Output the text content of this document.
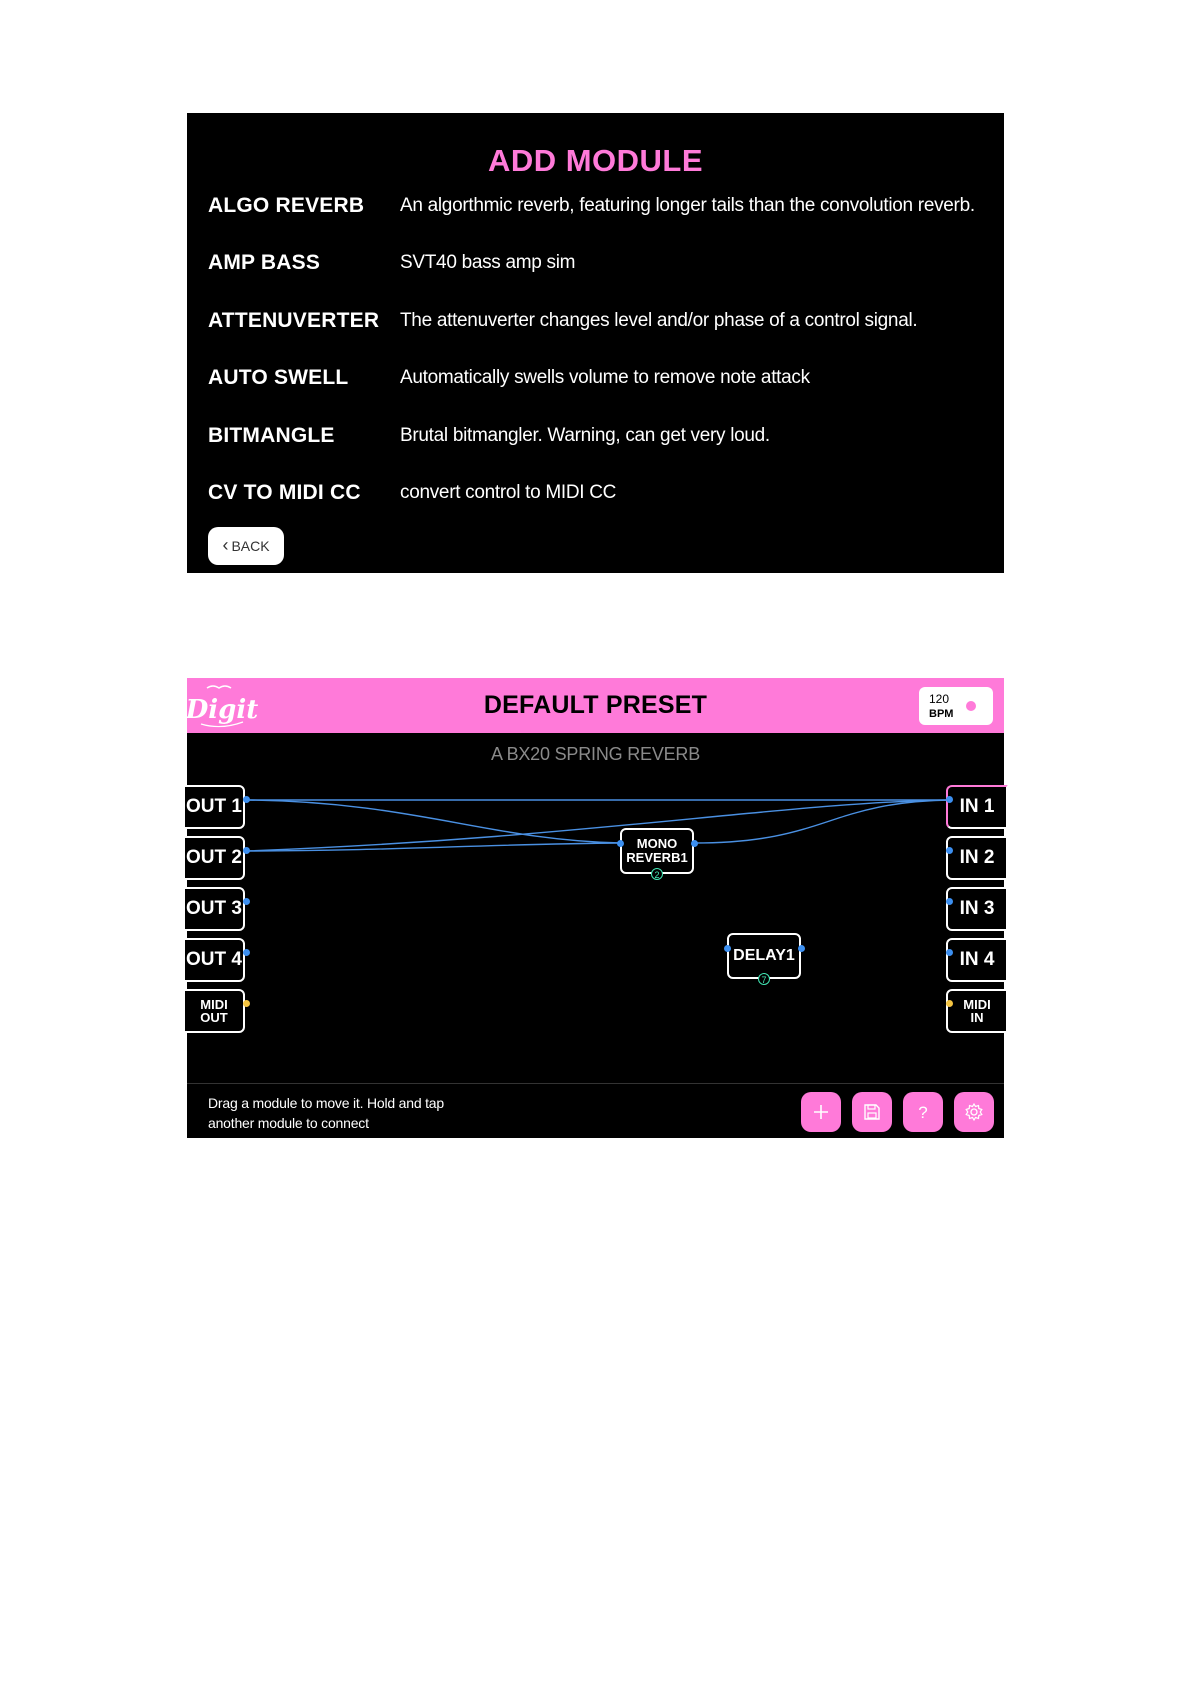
ADD MODULE
ALGO REVERB An algorthmic reverb, featuring longer tails than the convolution reverb.
AMP BASS	SVT40 bass amp sim
ATTENUVERTER The attenuverter changes level and/or phase of a control signal.
AUTO SWELL	Automatically swells volume to remove note attack
BITMANGLE	Brutal bitmangler. Warning, can get very loud.
CV TO MIDI CC convert control to MIDI CC
‹ BACK
Digit	DEFAULT PRESET	120
BPM
A BX20 SPRING REVERB
OUT 1
OUT 2
OUT 3
OUT 4
MIDI
OUT
IN 1
IN 2
IN 3
IN 4
MIDI
IN
MONO
REVERB1
2
DELAY1
7
Drag a module to move it. Hold and tap
another module to connect
?
